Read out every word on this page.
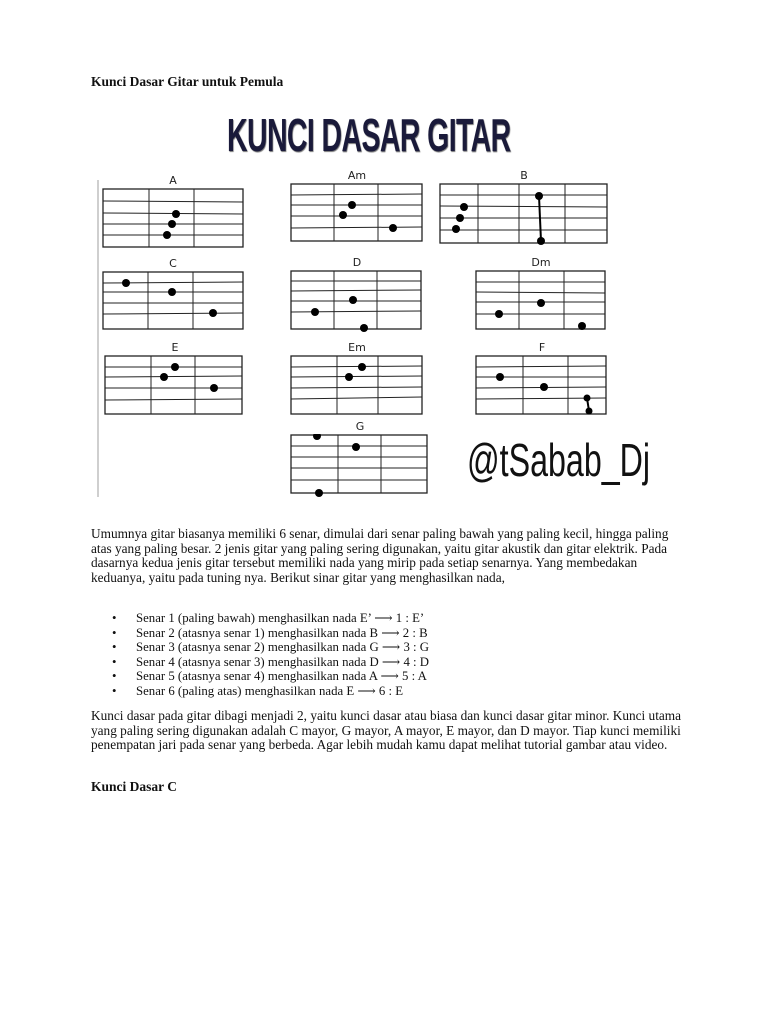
Kunci Dasar Gitar untuk Pemula
KUNCI DASAR GITAR
A	Am	B
C	D	Dm
E	Em	F
G
@tSabab_Dj
Umumnya gitar biasanya memiliki 6 senar, dimulai dari senar paling bawah yang paling kecil, hingga paling atas yang paling besar. 2 jenis gitar yang paling sering digunakan, yaitu gitar akustik dan gitar elektrik. Pada dasarnya kedua jenis gitar tersebut memiliki nada yang mirip pada setiap senarnya. Yang membedakan keduanya, yaitu pada tuning nya. Berikut sinar gitar yang menghasilkan nada,
• Senar 1 (paling bawah) menghasilkan nada E’ ⟶ 1 : E’
• Senar 2 (atasnya senar 1) menghasilkan nada B ⟶ 2 : B
• Senar 3 (atasnya senar 2) menghasilkan nada G ⟶ 3 : G
• Senar 4 (atasnya senar 3) menghasilkan nada D ⟶ 4 : D
• Senar 5 (atasnya senar 4) menghasilkan nada A ⟶ 5 : A
• Senar 6 (paling atas) menghasilkan nada E ⟶ 6 : E
Kunci dasar pada gitar dibagi menjadi 2, yaitu kunci dasar atau biasa dan kunci dasar gitar minor. Kunci utama yang paling sering digunakan adalah C mayor, G mayor, A mayor, E mayor, dan D mayor. Tiap kunci memiliki penempatan jari pada senar yang berbeda. Agar lebih mudah kamu dapat melihat tutorial gambar atau video.
Kunci Dasar C
